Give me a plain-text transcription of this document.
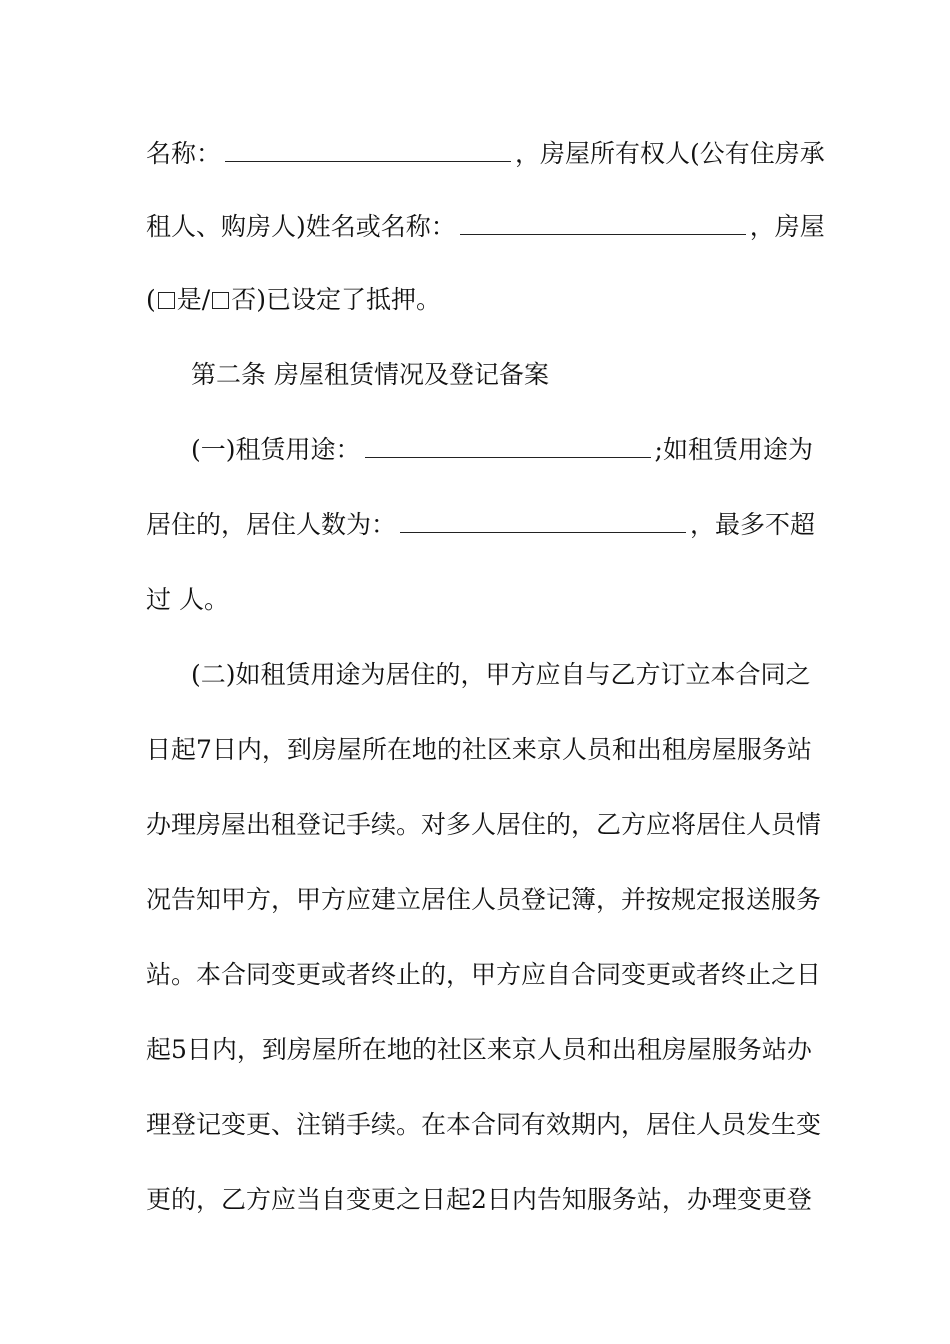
名称：	，房屋所有权人(公有住房承
租人、购房人)姓名或名称：	，房屋
( 是/ 否)已设定了抵押。
第二条 房屋租赁情况及登记备案
(一)租赁用途：	;如租赁用途为
居住的，居住人数为：	，最多不超
过 人。
(二)如租赁用途为居住的，甲方应自与乙方订立本合同之
日起7日内，到房屋所在地的社区来京人员和出租房屋服务站
办理房屋出租登记手续。对多人居住的，乙方应将居住人员情
况告知甲方，甲方应建立居住人员登记簿，并按规定报送服务
站。本合同变更或者终止的，甲方应自合同变更或者终止之日
起5日内，到房屋所在地的社区来京人员和出租房屋服务站办
理登记变更、注销手续。在本合同有效期内，居住人员发生变
更的，乙方应当自变更之日起2日内告知服务站，办理变更登
